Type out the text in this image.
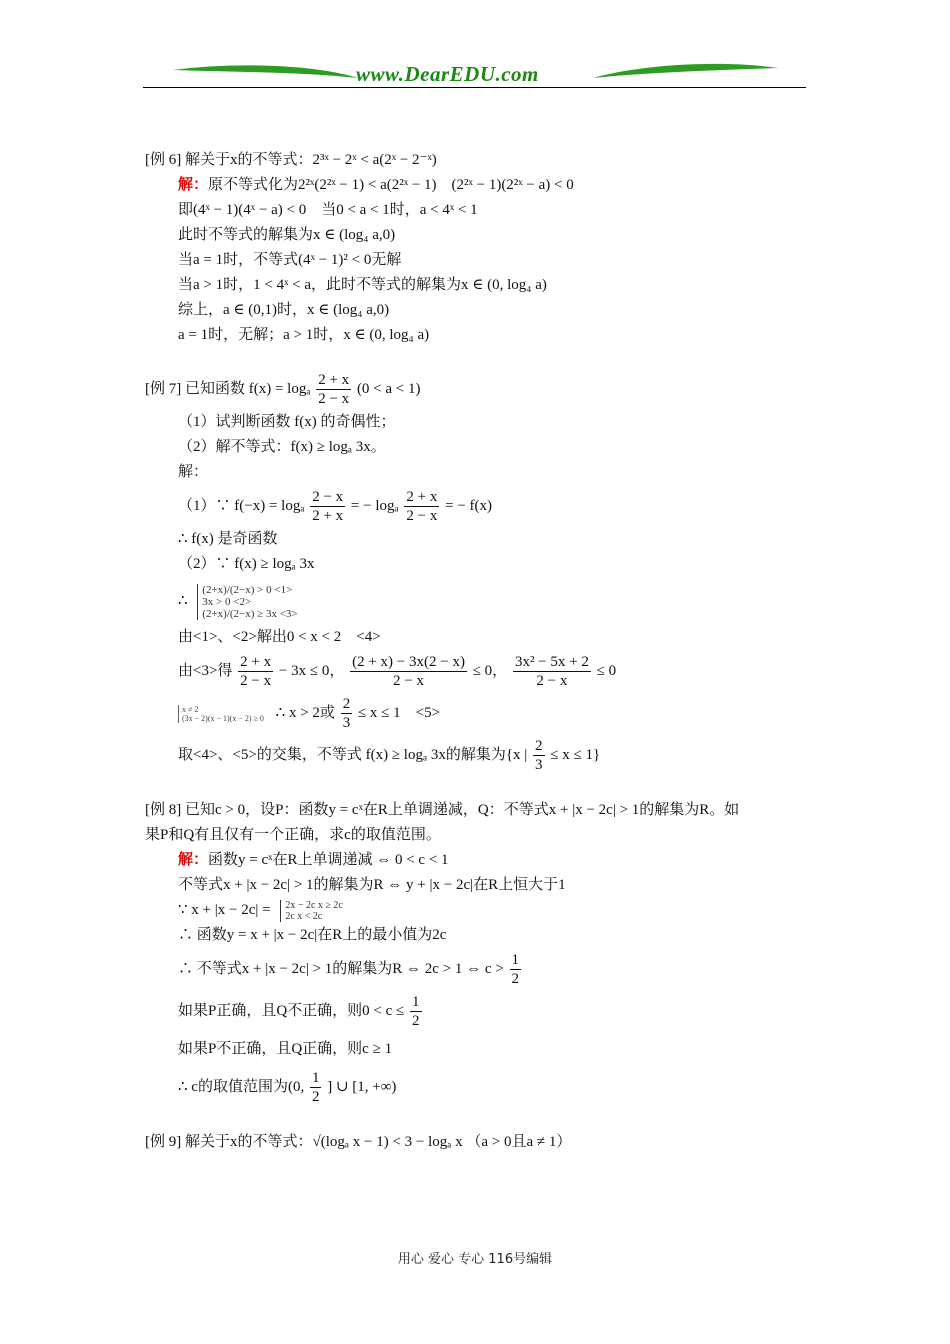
www.DearEDU.com
[例 6] 解关于x的不等式：2³ˣ − 2ˣ < a(2ˣ − 2⁻ˣ)
解：原不等式化为2²ˣ(2²ˣ − 1) < a(2²ˣ − 1)　(2²ˣ − 1)(2²ˣ − a) < 0
即(4ˣ − 1)(4ˣ − a) < 0　当0 < a < 1时，a < 4ˣ < 1
此时不等式的解集为x ∈ (log₄ a,0)
当a = 1时，不等式(4ˣ − 1)² < 0无解
当a > 1时，1 < 4ˣ < a，此时不等式的解集为x ∈ (0, log₄ a)
综上，a ∈ (0,1)时，x ∈ (log₄ a,0)
a = 1时，无解；a > 1时，x ∈ (0, log₄ a)
[例 7] 已知函数 f(x) = logₐ $\frac{2 + x}{2 - x} (0 < a < 1)$
（1）试判断函数 f(x) 的奇偶性；
（2）解不等式：f(x) ≥ logₐ 3x。
解：
（1）∵ f(−x) = logₐ $\frac{2 - x}{2 + x}$ = − logₐ $\frac{2 + x}{2 - x}$ = − f(x)
∴ f(x) 是奇函数
（2）∵ f(x) ≥ logₐ 3x
∴
(2+x)/(2−x) > 0 <1>
3x > 0 <2>
(2+x)/(2−x) ≥ 3x <3>
由<1>、<2>解出0 < x < 2　<4>
由<3>得 $\frac{2 + x}{2 - x} - 3x \le 0$， $\frac{(2 + x) - 3x(2 - x)}{2 - x} \le 0$， $\frac{\text{3x² − 5x + 2}}{2 - x} \le 0$
x ≠ 2
(3x − 2)(x − 1)(x − 2) ≥ 0 ∴ x > 2或 $\frac{2}{3} \le x \le 1$　<5>
取<4>、<5>的交集，不等式 f(x) ≥ logₐ 3x的解集为{x | $\frac{2}{3} \le x \le 1$}
[例 8] 已知c > 0，设P：函数y = cˣ在R上单调递减，Q：不等式x + |x − 2c| > 1的解集为R。如
果P和Q有且仅有一个正确，求c的取值范围。
解：函数y = cˣ在R上单调递减 ⇔ 0 < c < 1
不等式x + |x − 2c| > 1的解集为R ⇔ y + |x − 2c|在R上恒大于1
∵ x + |x − 2c| = 2x − 2c x ≥ 2c
2c x < 2c
∴ 函数y = x + |x − 2c|在R上的最小值为2c
∴ 不等式x + |x − 2c| > 1的解集为R ⇔ 2c > 1 ⇔ $c > \frac{1}{2}$
如果P正确，且Q不正确，则$0 < c \le \frac{1}{2}$
如果P不正确，且Q正确，则c ≥ 1
∴ c的取值范围为(0, $\frac{1}{2}$ ] ∪ [1, +∞)
[例 9] 解关于x的不等式：√(logₐ x − 1) < 3 − logₐ x （a > 0且a ≠ 1）
用心 爱心 专心 116号编辑
